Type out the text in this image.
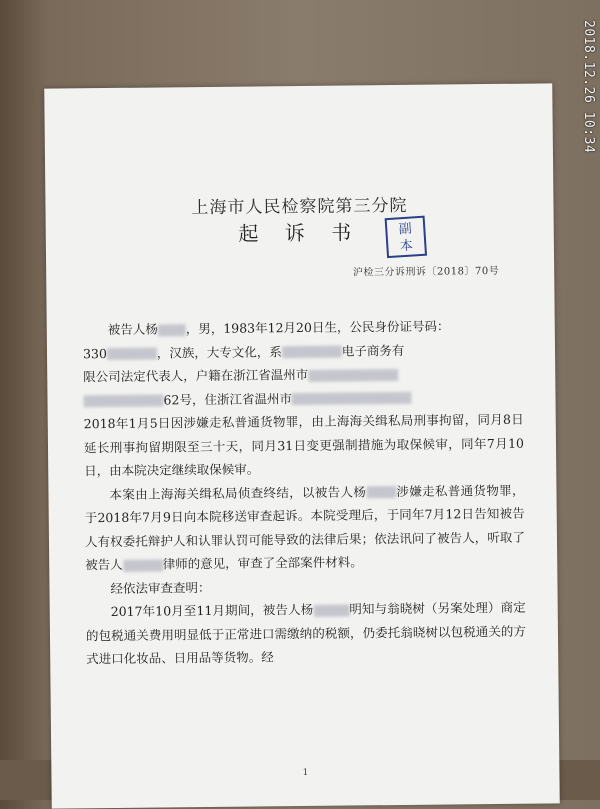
上海市人民检察院第三分院
起 诉 书	副
本
沪检三分诉刑诉〔2018〕70号

被告人杨 ，男，1983年12月20日生，公民身份证号码：
330	，汉族，大专文化，系	电子商务有
限公司法定代表人，户籍在浙江省温州市
62号，住浙江省温州市
2018年1月5日因涉嫌走私普通货物罪，由上海海关缉私局刑事拘留，同月8日延长刑事拘留期限至三十天，同月31日变更强制措施为取保候审，同年7月10日，由本院决定继续取保候审。

本案由上海海关缉私局侦查终结，以被告人杨 涉嫌走私普通货物罪，于2018年7月9日向本院移送审查起诉。本院受理后，于同年7月12日告知被告人有权委托辩护人和认罪认罚可能导致的法律后果；依法讯问了被告人，听取了被告人	律师的意见，审查了全部案件材料。

经依法审查查明：

2017年10月至11月期间，被告人杨	明知与翁晓树（另案处理）商定的包税通关费用明显低于正常进口需缴纳的税额，仍委托翁晓树以包税通关的方式进口化妆品、日用品等货物。经

1
2018.12.26 10:34
